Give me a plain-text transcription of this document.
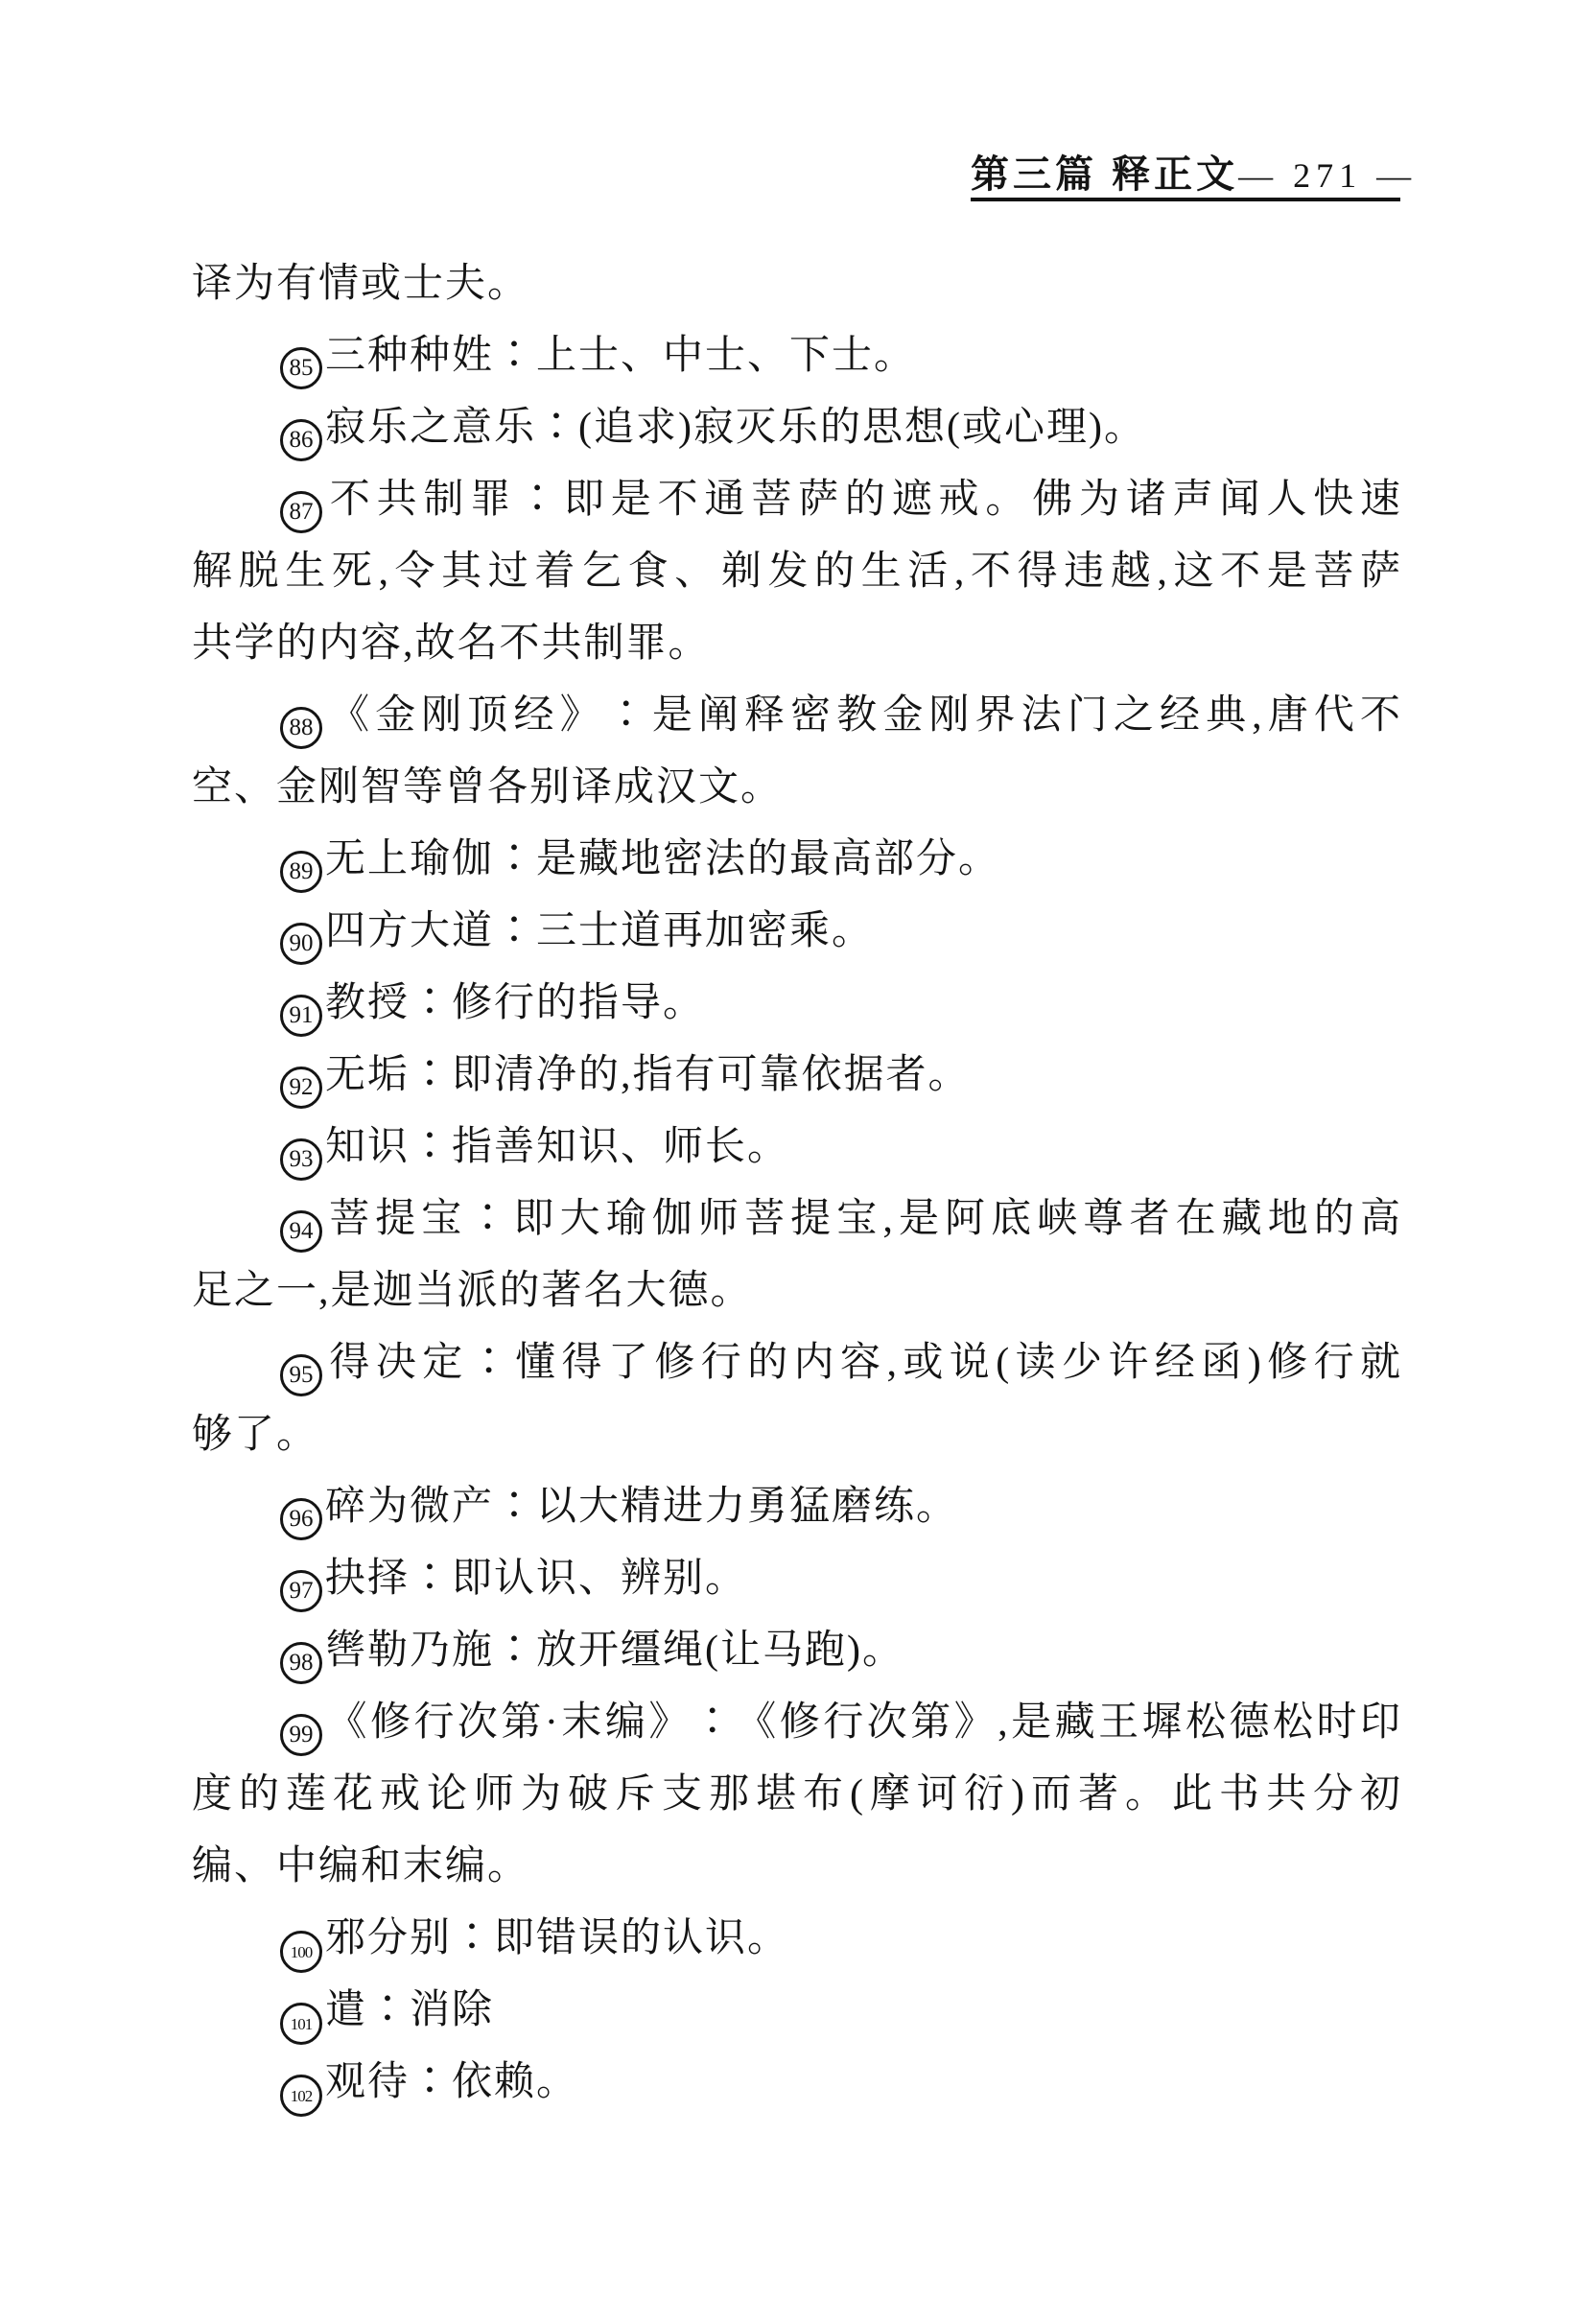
第三篇 释正文 — 271 —
译为有情或士夫。
85 三种种姓∶上士、中士、下士。
86 寂乐之意乐∶(追求)寂灭乐的思想(或心理)。
87 不共制罪∶即是不通菩萨的遮戒。佛为诸声闻人快速
解脱生死,令其过着乞食、剃发的生活,不得违越,这不是菩萨
共学的内容,故名不共制罪。
88 《金刚顶经》∶是阐释密教金刚界法门之经典,唐代不
空、金刚智等曾各别译成汉文。
89 无上瑜伽∶是藏地密法的最高部分。
90 四方大道∶三士道再加密乘。
91 教授∶修行的指导。
92 无垢∶即清净的,指有可靠依据者。
93 知识∶指善知识、师长。
94 菩提宝∶即大瑜伽师菩提宝,是阿底峡尊者在藏地的高
足之一,是迦当派的著名大德。
95 得决定∶懂得了修行的内容,或说(读少许经函)修行就
够了。
96 碎为微产∶以大精进力勇猛磨练。
97 抉择∶即认识、辨别。
98 辔勒乃施∶放开缰绳(让马跑)。
99 《修行次第·末编》∶《修行次第》,是藏王墀松德松时印
度的莲花戒论师为破斥支那堪布(摩诃衍)而著。此书共分初
编、中编和末编。
100 邪分别∶即错误的认识。
101 遣∶消除
102 观待∶依赖。
